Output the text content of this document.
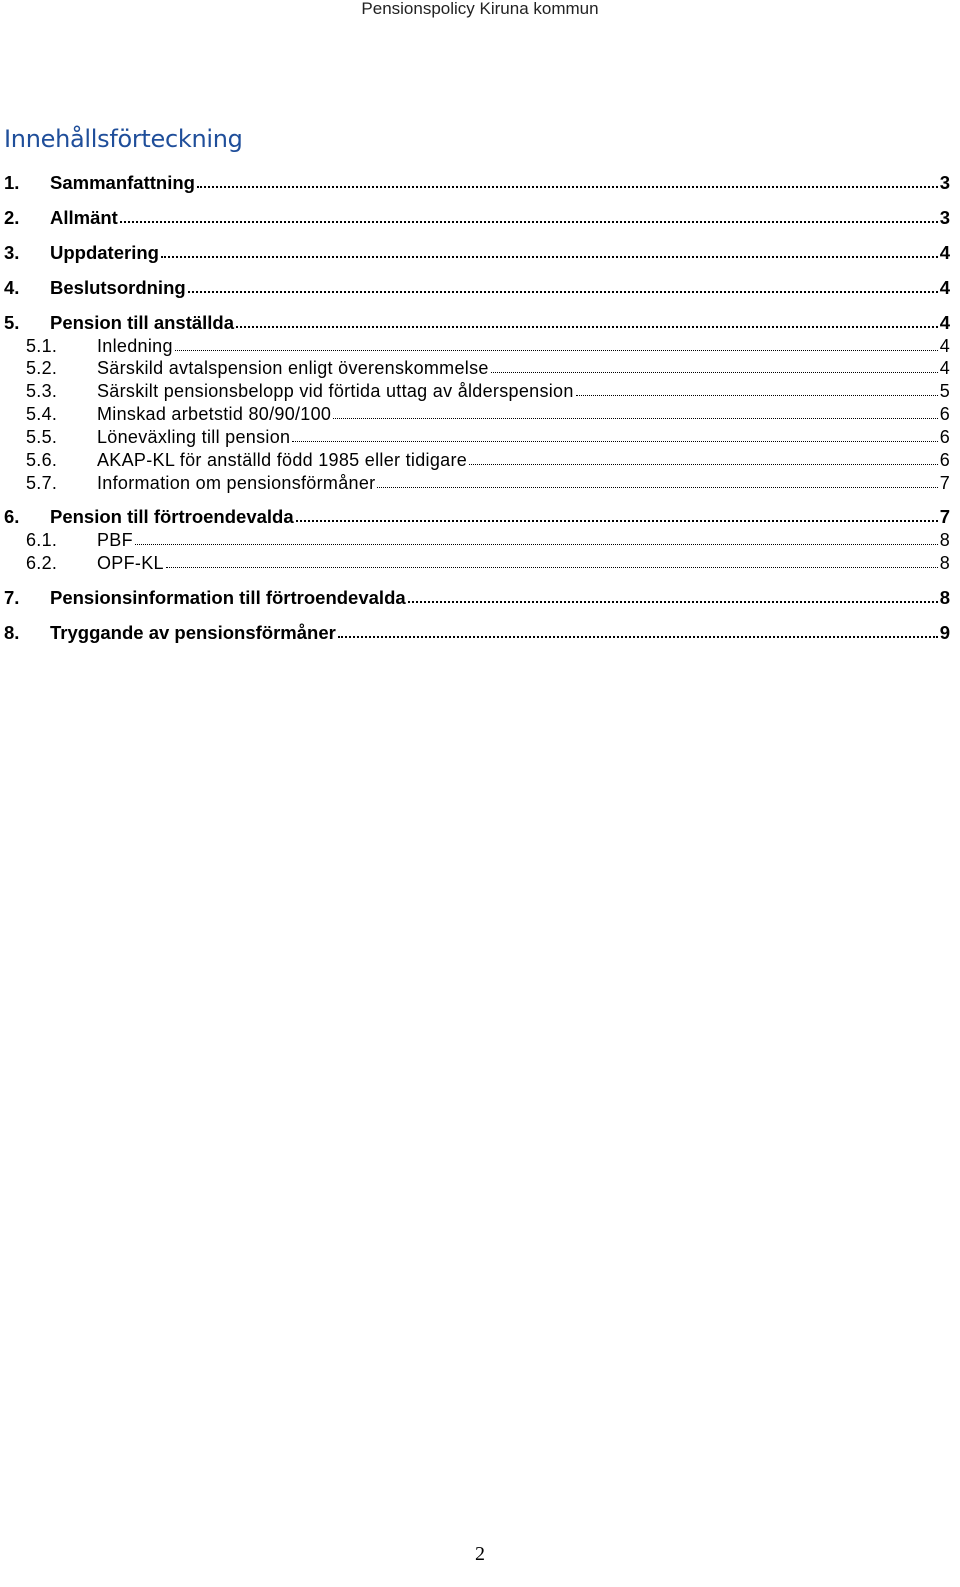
Pensionspolicy Kiruna kommun
Innehållsförteckning
1.	Sammanfattning	3
2.	Allmänt	3
3.	Uppdatering	4
4.	Beslutsordning	4
5.	Pension till anställda	4
5.1.	Inledning	4
5.2.	Särskild avtalspension enligt överenskommelse	4
5.3.	Särskilt pensionsbelopp vid förtida uttag av ålderspension	5
5.4.	Minskad arbetstid 80/90/100	6
5.5.	Löneväxling till pension	6
5.6.	AKAP-KL för anställd född 1985 eller tidigare	6
5.7.	Information om pensionsförmåner	7
6.	Pension till förtroendevalda	7
6.1.	PBF	8
6.2.	OPF-KL	8
7.	Pensionsinformation till förtroendevalda	8
8.	Tryggande av pensionsförmåner	9
2
